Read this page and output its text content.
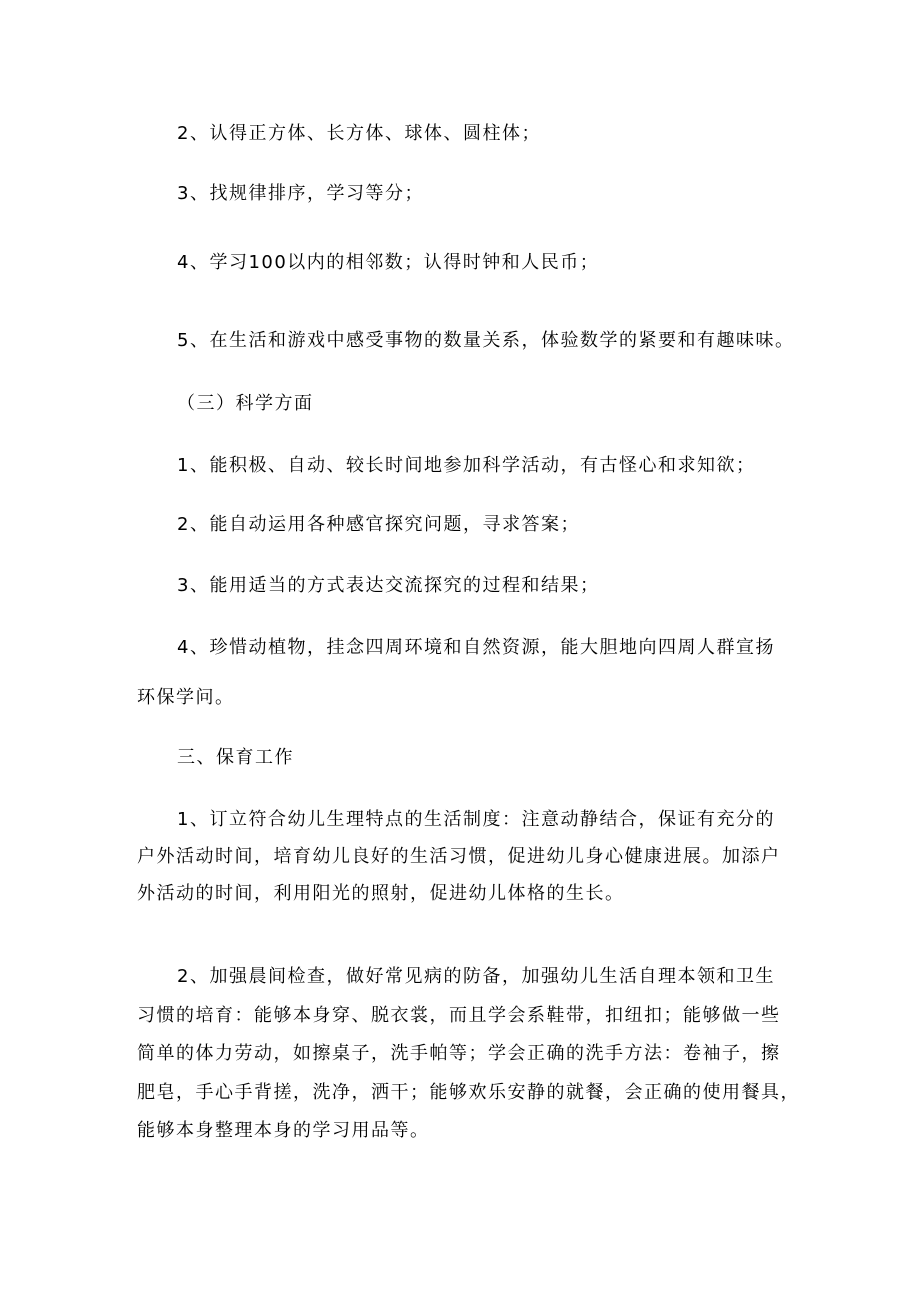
2、认得正方体、长方体、球体、圆柱体；

3、找规律排序，学习等分；

4、学习100以内的相邻数；认得时钟和人民币；

5、在生活和游戏中感受事物的数量关系，体验数学的紧要和有趣味味。

（三）科学方面

1、能积极、自动、较长时间地参加科学活动，有古怪心和求知欲；

2、能自动运用各种感官探究问题，寻求答案；

3、能用适当的方式表达交流探究的过程和结果；

4、珍惜动植物，挂念四周环境和自然资源，能大胆地向四周人群宣扬

环保学问。

三、保育工作

1、订立符合幼儿生理特点的生活制度：注意动静结合，保证有充分的
户外活动时间，培育幼儿良好的生活习惯，促进幼儿身心健康进展。加添户
外活动的时间，利用阳光的照射，促进幼儿体格的生长。
2、加强晨间检查，做好常见病的防备，加强幼儿生活自理本领和卫生
习惯的培育：能够本身穿、脱衣裳，而且学会系鞋带，扣纽扣；能够做一些
简单的体力劳动，如擦桌子，洗手帕等；学会正确的洗手方法：卷袖子，擦
肥皂，手心手背搓，洗净，洒干；能够欢乐安静的就餐，会正确的使用餐具，
能够本身整理本身的学习用品等。
